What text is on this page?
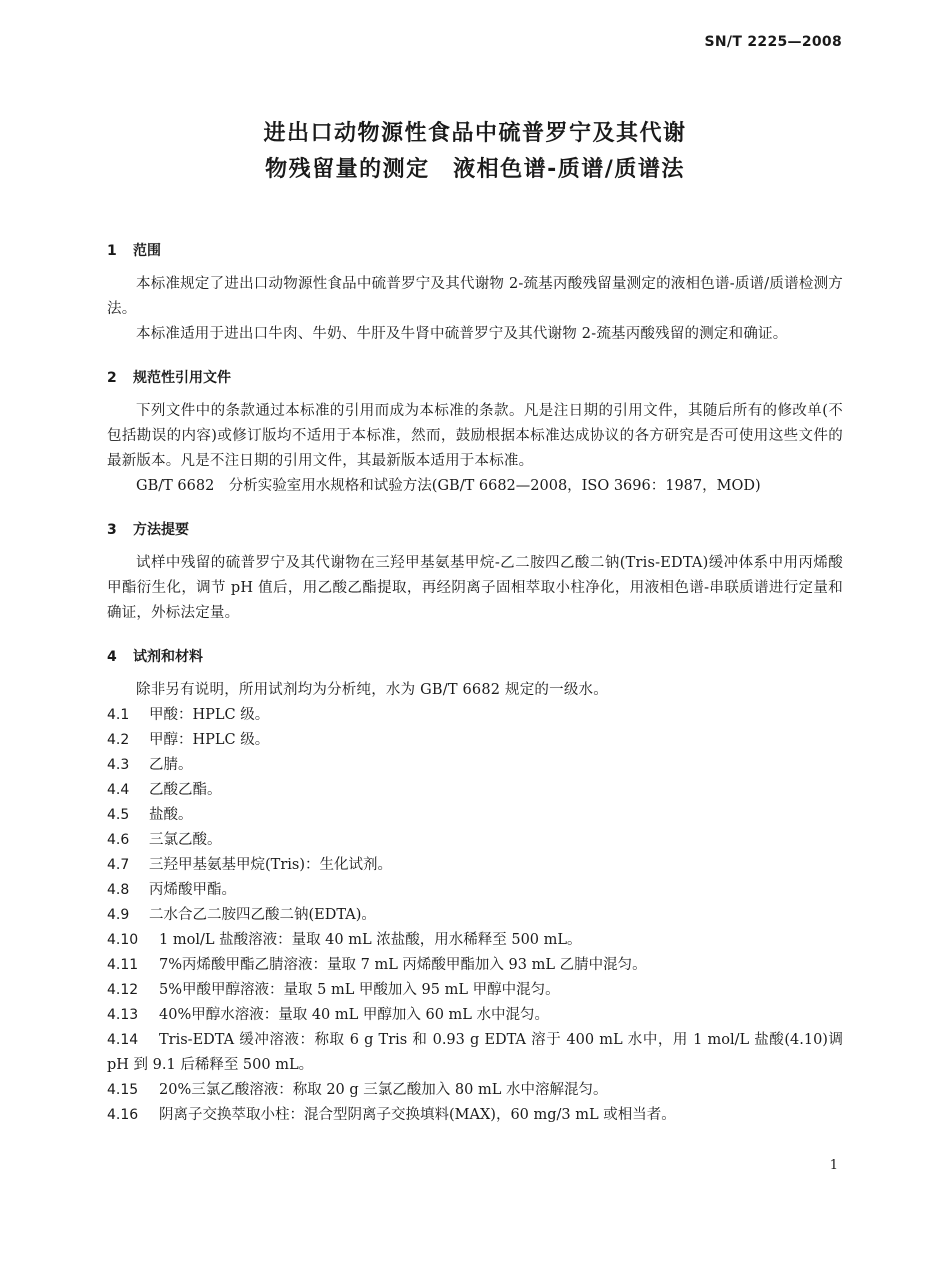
SN/T 2225—2008
进出口动物源性食品中硫普罗宁及其代谢
物残留量的测定　液相色谱-质谱/质谱法
1 范围
本标准规定了进出口动物源性食品中硫普罗宁及其代谢物 2-巯基丙酸残留量测定的液相色谱-质谱/质谱检测方法。
本标准适用于进出口牛肉、牛奶、牛肝及牛肾中硫普罗宁及其代谢物 2-巯基丙酸残留的测定和确证。
2 规范性引用文件
下列文件中的条款通过本标准的引用而成为本标准的条款。凡是注日期的引用文件，其随后所有的修改单(不包括勘误的内容)或修订版均不适用于本标准，然而，鼓励根据本标准达成协议的各方研究是否可使用这些文件的最新版本。凡是不注日期的引用文件，其最新版本适用于本标准。
GB/T 6682　分析实验室用水规格和试验方法(GB/T 6682—2008，ISO 3696：1987，MOD)
3 方法提要
试样中残留的硫普罗宁及其代谢物在三羟甲基氨基甲烷-乙二胺四乙酸二钠(Tris-EDTA)缓冲体系中用丙烯酸甲酯衍生化，调节 pH 值后，用乙酸乙酯提取，再经阴离子固相萃取小柱净化，用液相色谱-串联质谱进行定量和确证，外标法定量。
4 试剂和材料
除非另有说明，所用试剂均为分析纯，水为 GB/T 6682 规定的一级水。
4.1 甲酸：HPLC 级。
4.2 甲醇：HPLC 级。
4.3 乙腈。
4.4 乙酸乙酯。
4.5 盐酸。
4.6 三氯乙酸。
4.7 三羟甲基氨基甲烷(Tris)：生化试剂。
4.8 丙烯酸甲酯。
4.9 二水合乙二胺四乙酸二钠(EDTA)。
4.10 1 mol/L 盐酸溶液：量取 40 mL 浓盐酸，用水稀释至 500 mL。
4.11 7%丙烯酸甲酯乙腈溶液：量取 7 mL 丙烯酸甲酯加入 93 mL 乙腈中混匀。
4.12 5%甲酸甲醇溶液：量取 5 mL 甲酸加入 95 mL 甲醇中混匀。
4.13 40%甲醇水溶液：量取 40 mL 甲醇加入 60 mL 水中混匀。
4.14 Tris-EDTA 缓冲溶液：称取 6 g Tris 和 0.93 g EDTA 溶于 400 mL 水中，用 1 mol/L 盐酸(4.10)调 pH 到 9.1 后稀释至 500 mL。
4.15 20%三氯乙酸溶液：称取 20 g 三氯乙酸加入 80 mL 水中溶解混匀。
4.16 阴离子交换萃取小柱：混合型阴离子交换填料(MAX)，60 mg/3 mL 或相当者。
1
